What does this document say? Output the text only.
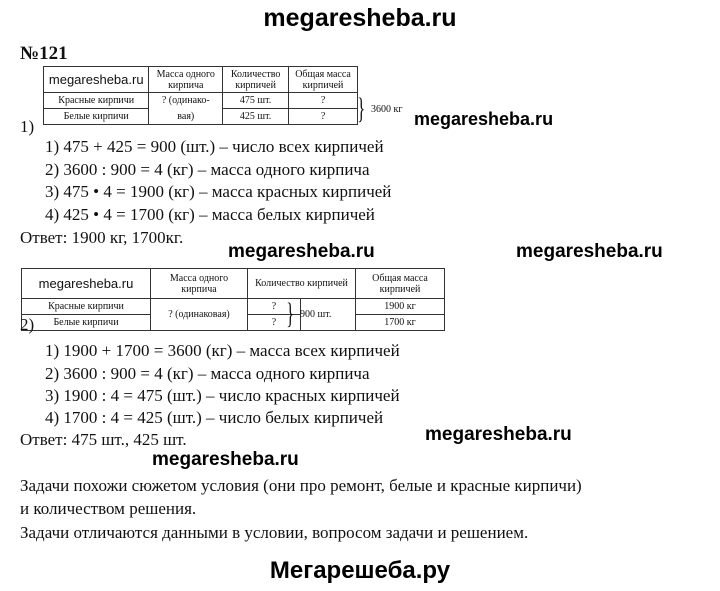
megaresheba.ru
№121
megaresheba.ru	Масса одного кирпича	Количество кирпичей	Общая масса кирпичей
Красные кирпичи	? (одинако-	475 шт.	?
Белые кирпичи	вая)	425 шт.	? } 3600 кг
1)	megaresheba.ru
1) 475 + 425 = 900 (шт.) – число всех кирпичей
2) 3600 : 900 = 4 (кг) – масса одного кирпича
3) 475 • 4 = 1900 (кг) – масса красных кирпичей
4) 425 • 4 = 1700 (кг) – масса белых кирпичей
Ответ: 1900 кг, 1700кг.
megaresheba.ru	megaresheba.ru
megaresheba.ru	Масса одного кирпича	Количество кирпичей		Общая масса кирпичей
Красные кирпичи	? (одинаковая)	?		1900 кг
Белые кирпичи		?		1700 кг
} 900 шт.
2)
1) 1900 + 1700 = 3600 (кг) – масса всех кирпичей
2) 3600 : 900 = 4 (кг) – масса одного кирпича
3) 1900 : 4 = 475 (шт.) – число красных кирпичей
4) 1700 : 4 = 425 (шт.) – число белых кирпичей
Ответ: 475 шт., 425 шт.	megaresheba.ru
megaresheba.ru
Задачи похожи сюжетом условия (они про ремонт, белые и красные кирпичи)
и количеством решения.
Задачи отличаются данными в условии, вопросом задачи и решением.
Мегарешеба.ру
